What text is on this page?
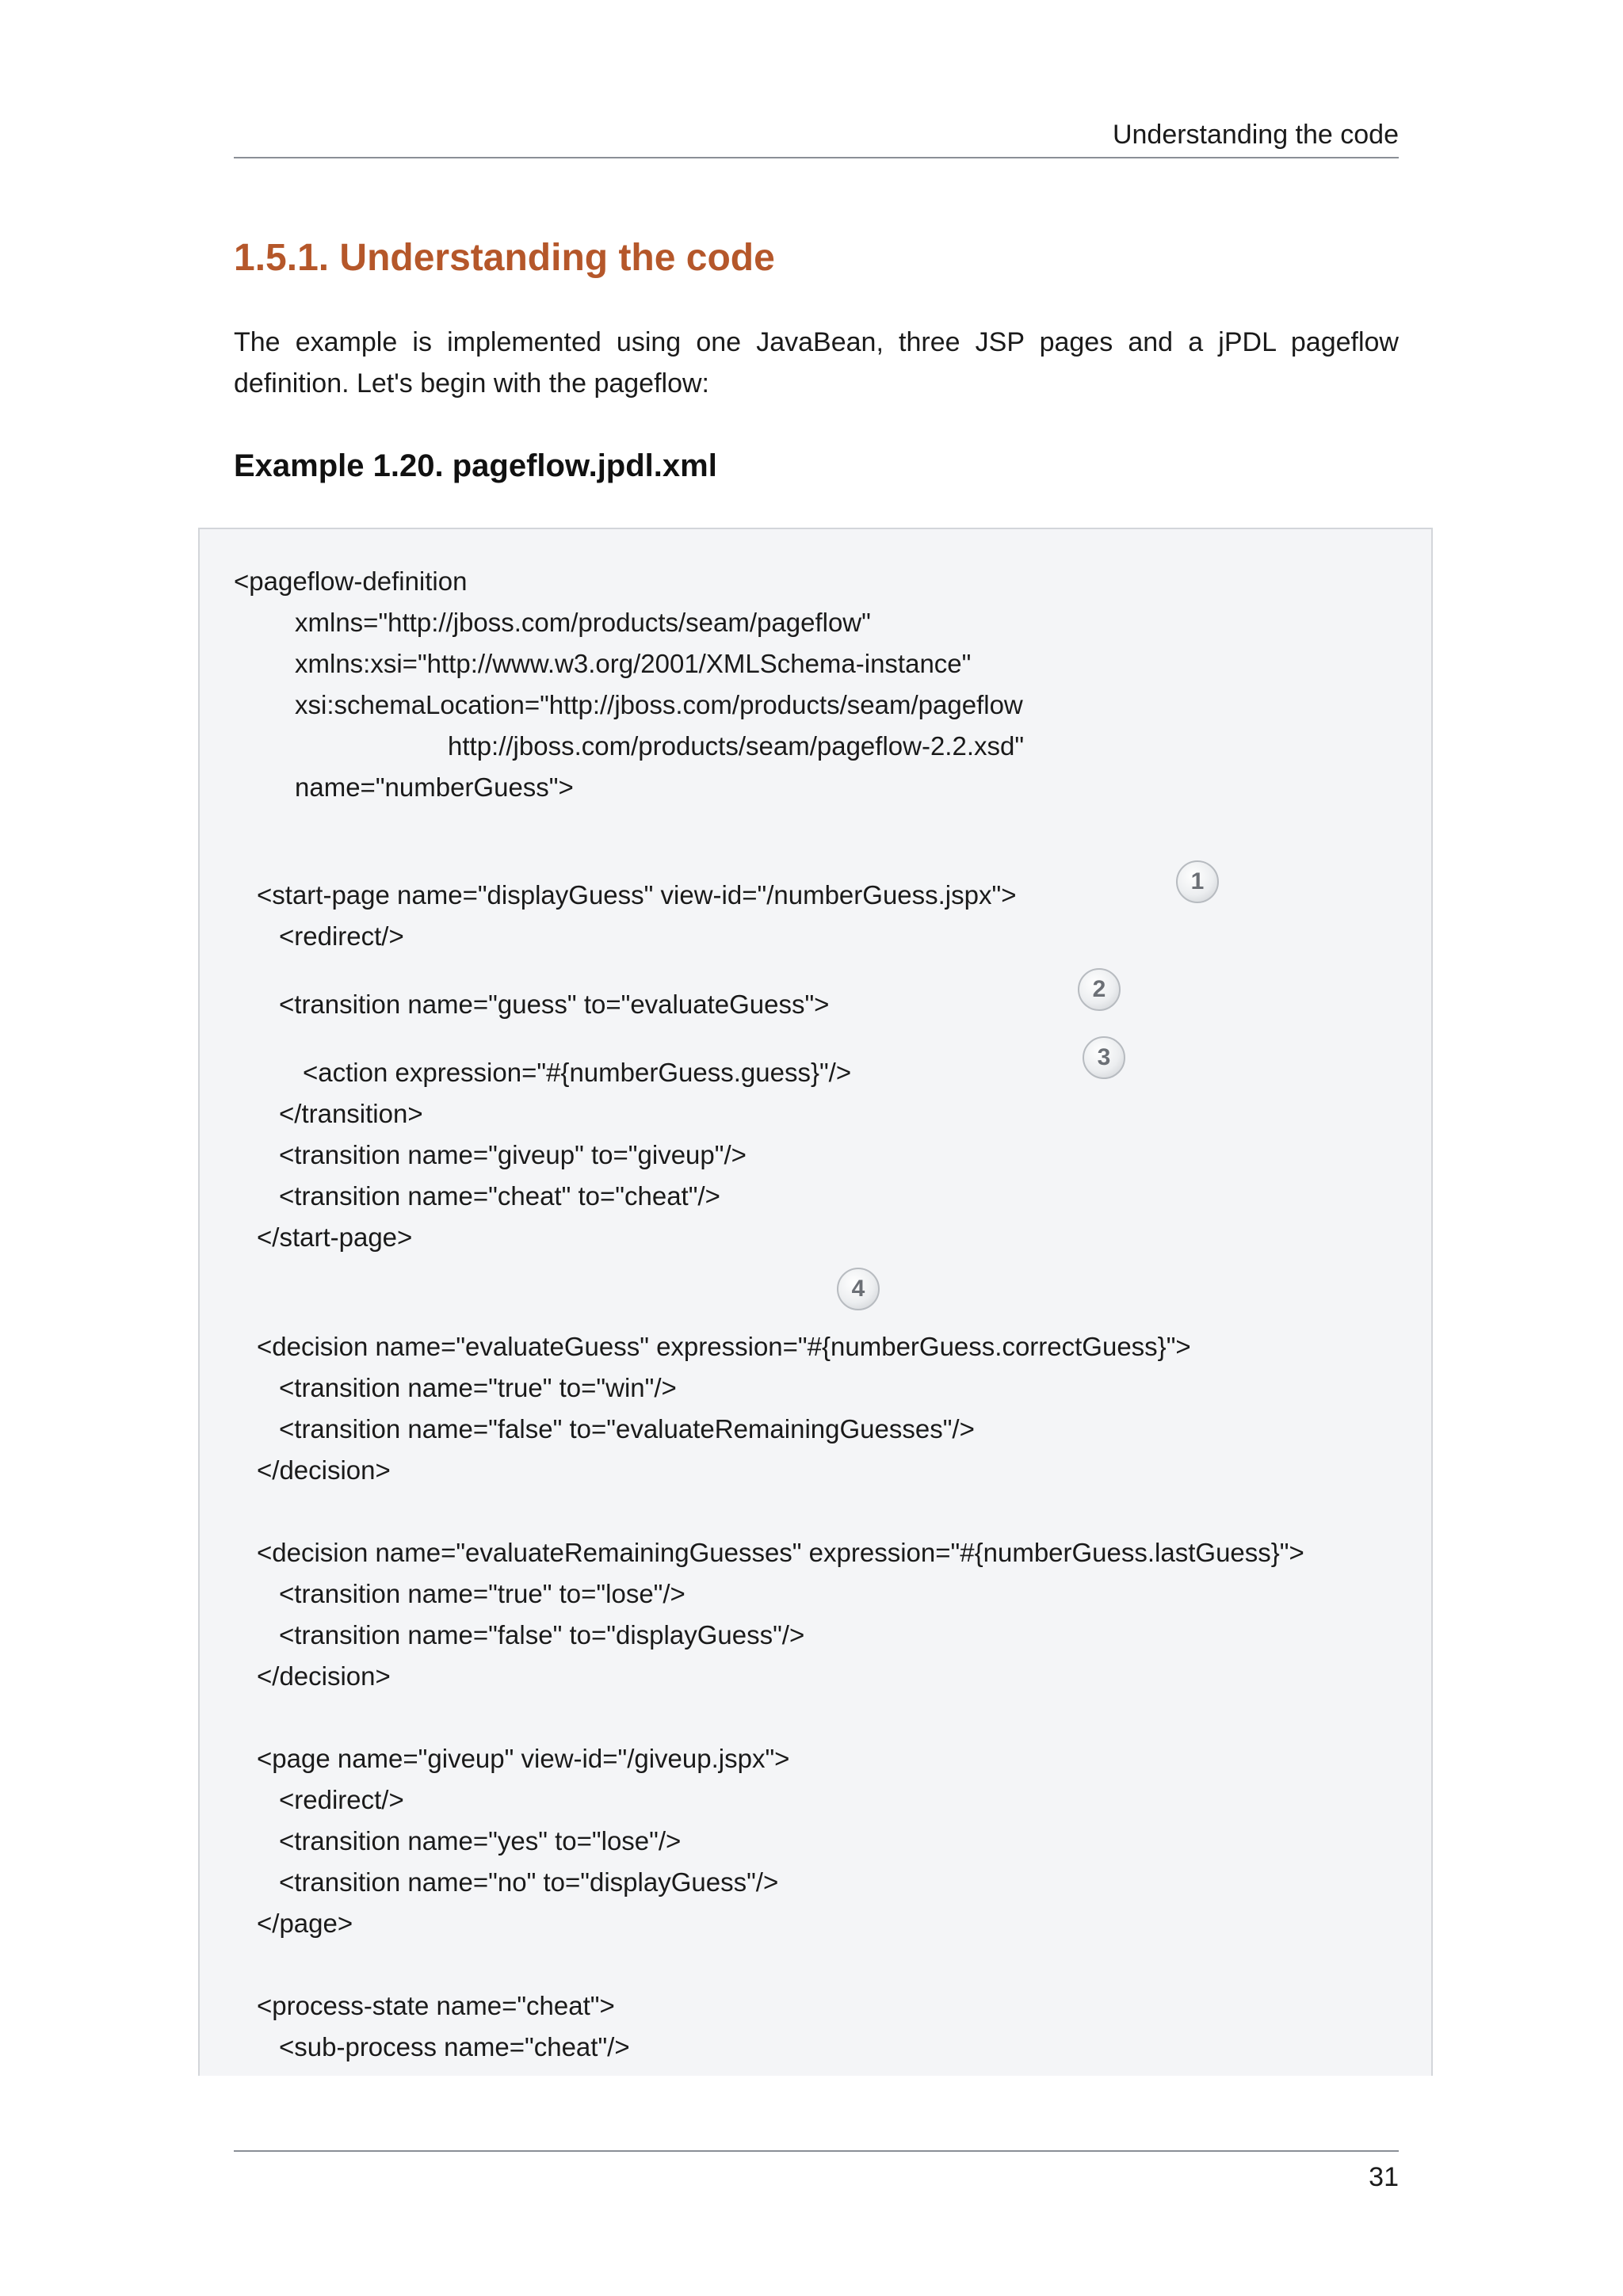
Understanding the code
1.5.1. Understanding the code

The example is implemented using one JavaBean, three JSP pages and a jPDL pageflow definition. Let's begin with the pageflow:

Example 1.20. pageflow.jpdl.xml
<pageflow-definition
xmlns="http://jboss.com/products/seam/pageflow"
xmlns:xsi="http://www.w3.org/2001/XMLSchema-instance"
xsi:schemaLocation="http://jboss.com/products/seam/pageflow
http://jboss.com/products/seam/pageflow-2.2.xsd"
name="numberGuess">
<start-page name="displayGuess" view-id="/numberGuess.jspx">
<redirect/>
<transition name="guess" to="evaluateGuess">
<action expression="#{numberGuess.guess}"/>
</transition>
<transition name="giveup" to="giveup"/>
<transition name="cheat" to="cheat"/>
</start-page>
<decision name="evaluateGuess" expression="#{numberGuess.correctGuess}">
<transition name="true" to="win"/>
<transition name="false" to="evaluateRemainingGuesses"/>
</decision>
<decision name="evaluateRemainingGuesses" expression="#{numberGuess.lastGuess}">
<transition name="true" to="lose"/>
<transition name="false" to="displayGuess"/>
</decision>
<page name="giveup" view-id="/giveup.jspx">
<redirect/>
<transition name="yes" to="lose"/>
<transition name="no" to="displayGuess"/>
</page>
<process-state name="cheat">
<sub-process name="cheat"/>
1
2
3
4
31
